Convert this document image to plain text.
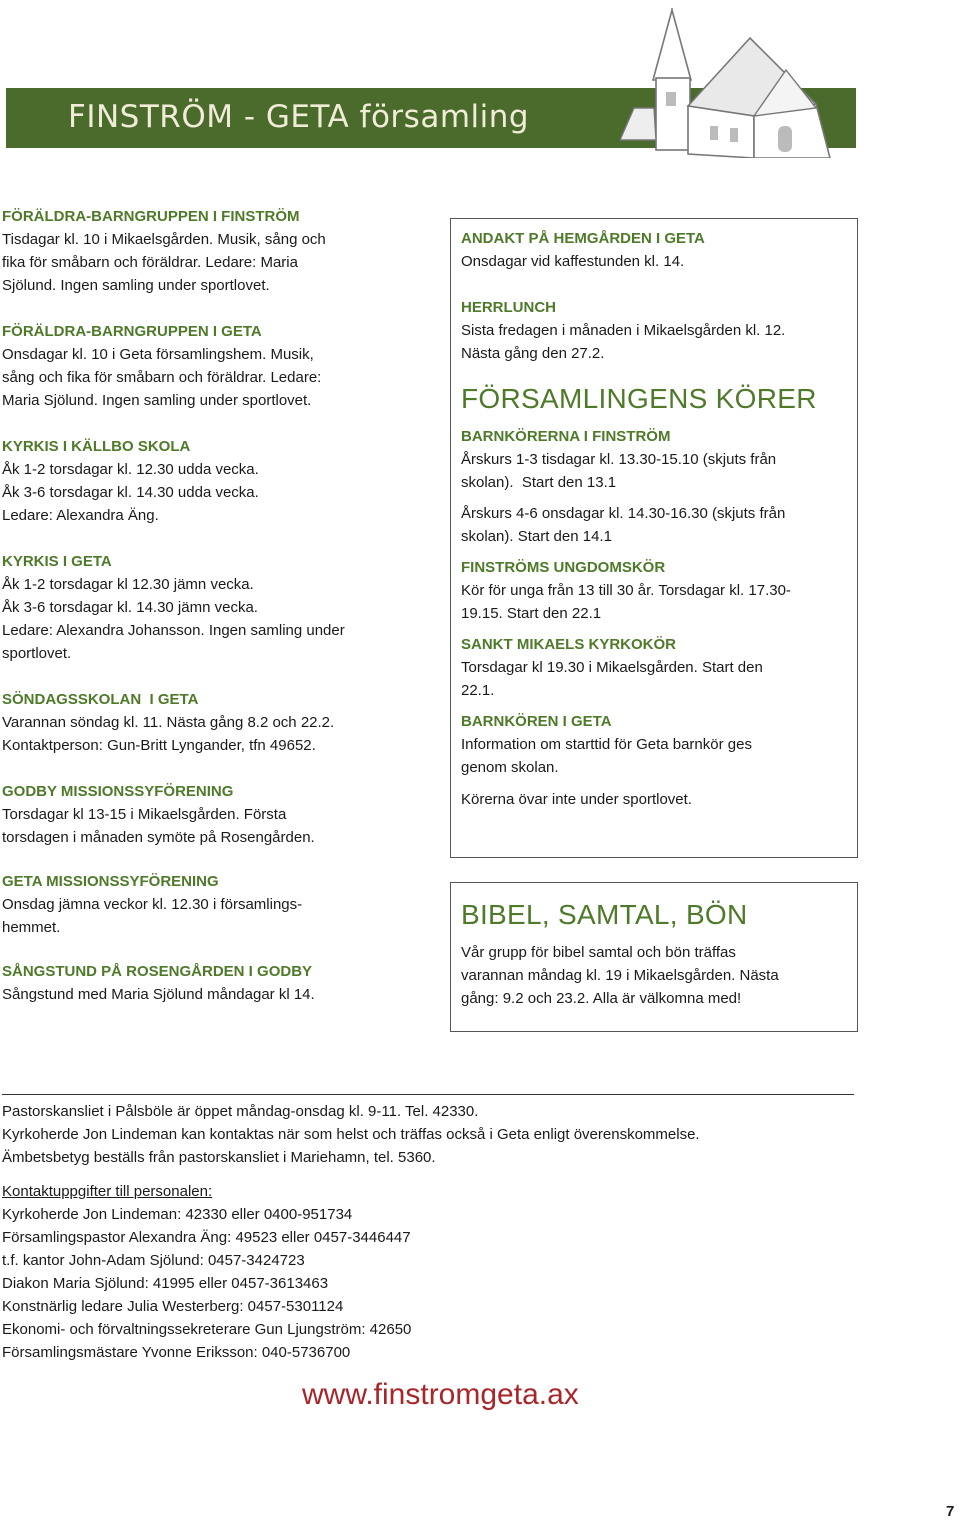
FINSTRÖM - GETA församling
FÖRÄLDRA-BARNGRUPPEN I FINSTRÖM
Tisdagar kl. 10 i Mikaelsgården. Musik, sång och
fika för småbarn och föräldrar. Ledare: Maria
Sjölund. Ingen samling under sportlovet.
FÖRÄLDRA-BARNGRUPPEN I GETA
Onsdagar kl. 10 i Geta församlingshem. Musik,
sång och fika för småbarn och föräldrar. Ledare:
Maria Sjölund. Ingen samling under sportlovet.
KYRKIS I KÄLLBO SKOLA
Åk 1-2 torsdagar kl. 12.30 udda vecka.
Åk 3-6 torsdagar kl. 14.30 udda vecka.
Ledare: Alexandra Äng.
KYRKIS I GETA
Åk 1-2 torsdagar kl 12.30 jämn vecka.
Åk 3-6 torsdagar kl. 14.30 jämn vecka.
Ledare: Alexandra Johansson. Ingen samling under
sportlovet.
SÖNDAGSSKOLAN  I GETA
Varannan söndag kl. 11. Nästa gång 8.2 och 22.2.
Kontaktperson: Gun-Britt Lyngander, tfn 49652.
GODBY MISSIONSSYFÖRENING
Torsdagar kl 13-15 i Mikaelsgården. Första
torsdagen i månaden symöte på Rosengården.
GETA MISSIONSSYFÖRENING
Onsdag jämna veckor kl. 12.30 i församlings-
hemmet.
SÅNGSTUND PÅ ROSENGÅRDEN I GODBY
Sångstund med Maria Sjölund måndagar kl 14.
ANDAKT PÅ HEMGÅRDEN I GETA
Onsdagar vid kaffestunden kl. 14.
HERRLUNCH
Sista fredagen i månaden i Mikaelsgården kl. 12.
Nästa gång den 27.2.
FÖRSAMLINGENS KÖRER
BARNKÖRERNA I FINSTRÖM
Årskurs 1-3 tisdagar kl. 13.30-15.10 (skjuts från
skolan).  Start den 13.1
Årskurs 4-6 onsdagar kl. 14.30-16.30 (skjuts från
skolan). Start den 14.1
FINSTRÖMS UNGDOMSKÖR
Kör för unga från 13 till 30 år. Torsdagar kl. 17.30-
19.15. Start den 22.1
SANKT MIKAELS KYRKOKÖR
Torsdagar kl 19.30 i Mikaelsgården. Start den
22.1.
BARNKÖREN I GETA
Information om starttid för Geta barnkör ges
genom skolan.
Körerna övar inte under sportlovet.
BIBEL, SAMTAL, BÖN
Vår grupp för bibel samtal och bön träffas
varannan måndag kl. 19 i Mikaelsgården. Nästa
gång: 9.2 och 23.2. Alla är välkomna med!

Pastorskansliet i Pålsböle är öppet måndag-onsdag kl. 9-11. Tel. 42330.

Kyrkoherde Jon Lindeman kan kontaktas när som helst och träffas också i Geta enligt överenskommelse.

Ämbetsbetyg beställs från pastorskansliet i Mariehamn, tel. 5360.

Kontaktuppgifter till personalen:

Kyrkoherde Jon Lindeman: 42330 eller 0400-951734

Församlingspastor Alexandra Äng: 49523 eller 0457-3446447

t.f. kantor John-Adam Sjölund: 0457-3424723

Diakon Maria Sjölund: 41995 eller 0457-3613463

Konstnärlig ledare Julia Westerberg: 0457-5301124

Ekonomi- och förvaltningssekreterare Gun Ljungström: 42650

Församlingsmästare Yvonne Eriksson: 040-5736700

www.finstromgeta.ax
7
